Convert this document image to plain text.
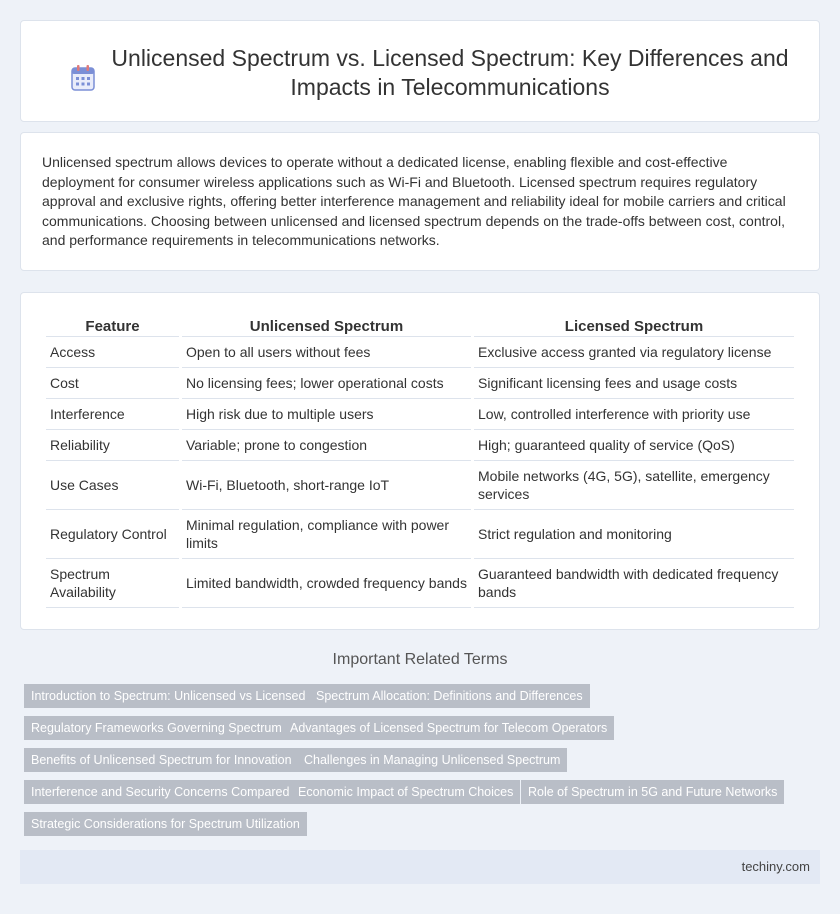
Unlicensed Spectrum vs. Licensed Spectrum: Key Differences and Impacts in Telecommunications

Unlicensed spectrum allows devices to operate without a dedicated license, enabling flexible and cost-effective deployment for consumer wireless applications such as Wi-Fi and Bluetooth. Licensed spectrum requires regulatory approval and exclusive rights, offering better interference management and reliability ideal for mobile carriers and critical communications. Choosing between unlicensed and licensed spectrum depends on the trade-offs between cost, control, and performance requirements in telecommunications networks.

Feature	Unlicensed Spectrum	Licensed Spectrum
Access	Open to all users without fees	Exclusive access granted via regulatory license
Cost	No licensing fees; lower operational costs	Significant licensing fees and usage costs
Interference	High risk due to multiple users	Low, controlled interference with priority use
Reliability	Variable; prone to congestion	High; guaranteed quality of service (QoS)
Use Cases	Wi-Fi, Bluetooth, short-range IoT	Mobile networks (4G, 5G), satellite, emergency services
Regulatory Control	Minimal regulation, compliance with power limits	Strict regulation and monitoring
Spectrum Availability	Limited bandwidth, crowded frequency bands	Guaranteed bandwidth with dedicated frequency bands
Important Related Terms
Introduction to Spectrum: Unlicensed vs Licensed Spectrum Allocation: Definitions and Differences
Regulatory Frameworks Governing Spectrum Advantages of Licensed Spectrum for Telecom Operators
Benefits of Unlicensed Spectrum for Innovation Challenges in Managing Unlicensed Spectrum
Interference and Security Concerns Compared Economic Impact of Spectrum Choices	Role of Spectrum in 5G and Future Networks
Strategic Considerations for Spectrum Utilization
techiny.com
